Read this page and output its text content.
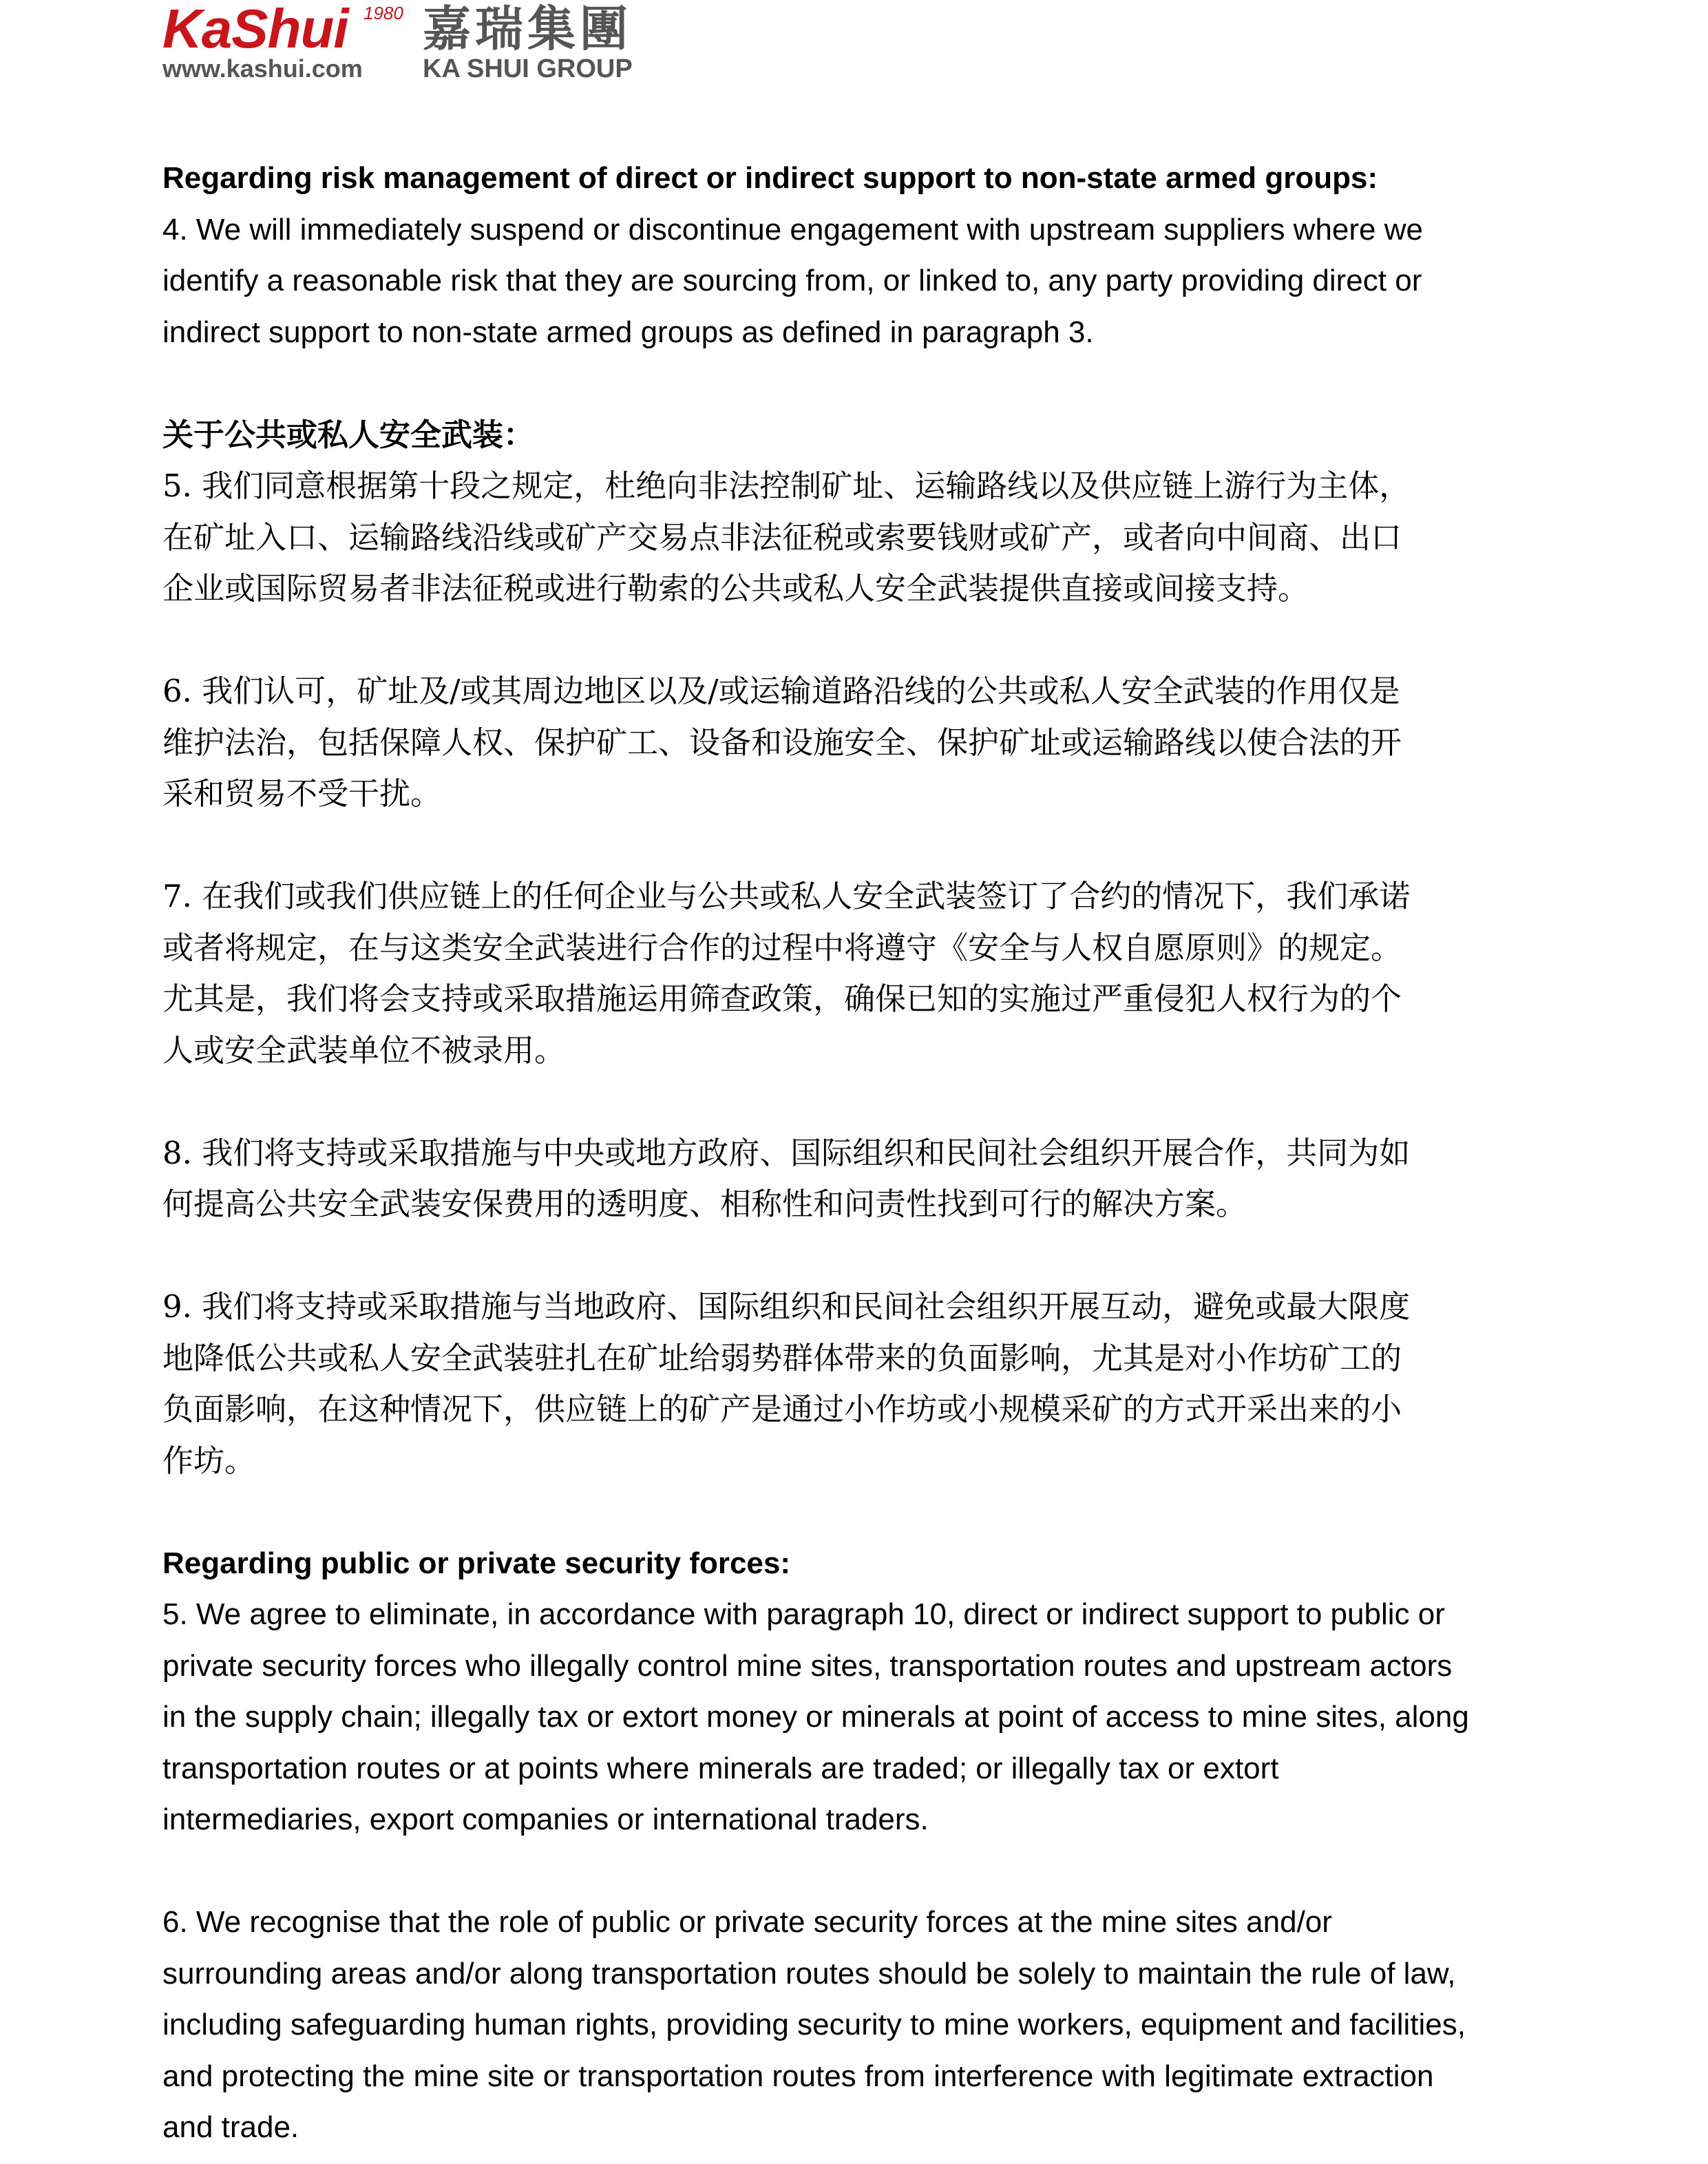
KaShui 1980 嘉瑞集團
www.kashui.com KA SHUI GROUP

Regarding risk management of direct or indirect support to non-state armed groups:

4. We will immediately suspend or discontinue engagement with upstream suppliers where we
identify a reasonable risk that they are sourcing from, or linked to, any party providing direct or
indirect support to non-state armed groups as defined in paragraph 3.

关于公共或私人安全武装：

5. 我们同意根据第十段之规定，杜绝向非法控制矿址、运输路线以及供应链上游行为主体，
在矿址入口、运输路线沿线或矿产交易点非法征税或索要钱财或矿产，或者向中间商、出口
企业或国际贸易者非法征税或进行勒索的公共或私人安全武装提供直接或间接支持。

6. 我们认可，矿址及/或其周边地区以及/或运输道路沿线的公共或私人安全武装的作用仅是
维护法治，包括保障人权、保护矿工、设备和设施安全、保护矿址或运输路线以使合法的开
采和贸易不受干扰。

7. 在我们或我们供应链上的任何企业与公共或私人安全武装签订了合约的情况下，我们承诺
或者将规定，在与这类安全武装进行合作的过程中将遵守《安全与人权自愿原则》的规定。
尤其是，我们将会支持或采取措施运用筛查政策，确保已知的实施过严重侵犯人权行为的个
人或安全武装单位不被录用。

8. 我们将支持或采取措施与中央或地方政府、国际组织和民间社会组织开展合作，共同为如
何提高公共安全武装安保费用的透明度、相称性和问责性找到可行的解决方案。

9. 我们将支持或采取措施与当地政府、国际组织和民间社会组织开展互动，避免或最大限度
地降低公共或私人安全武装驻扎在矿址给弱势群体带来的负面影响，尤其是对小作坊矿工的
负面影响，在这种情况下，供应链上的矿产是通过小作坊或小规模采矿的方式开采出来的小
作坊。

Regarding public or private security forces:

5. We agree to eliminate, in accordance with paragraph 10, direct or indirect support to public or
private security forces who illegally control mine sites, transportation routes and upstream actors
in the supply chain; illegally tax or extort money or minerals at point of access to mine sites, along
transportation routes or at points where minerals are traded; or illegally tax or extort
intermediaries, export companies or international traders.

6. We recognise that the role of public or private security forces at the mine sites and/or
surrounding areas and/or along transportation routes should be solely to maintain the rule of law,
including safeguarding human rights, providing security to mine workers, equipment and facilities,
and protecting the mine site or transportation routes from interference with legitimate extraction
and trade.
